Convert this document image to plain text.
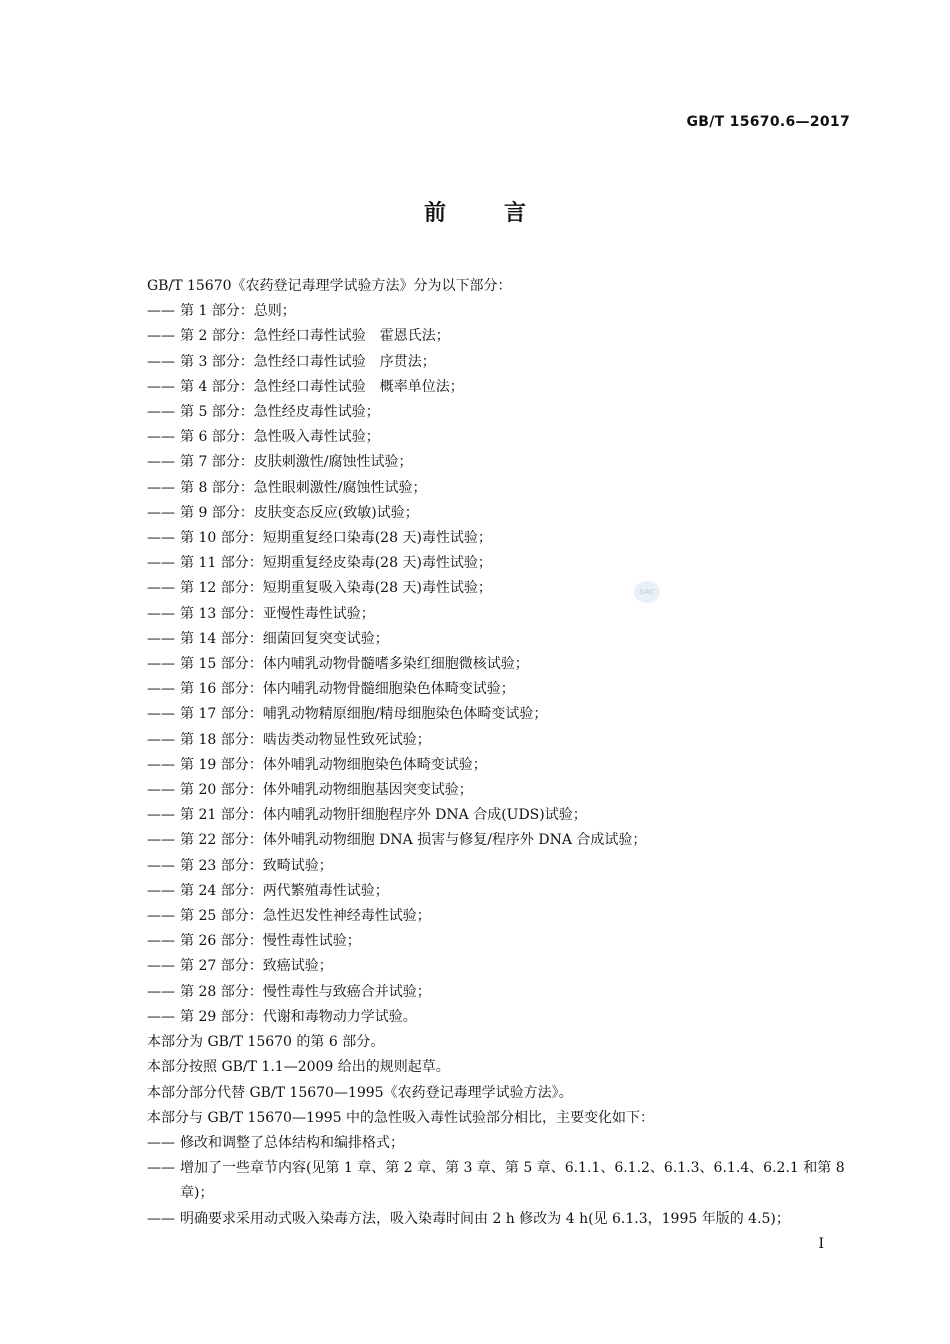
GB/T 15670.6—2017
前言
SAC
GB/T 15670《农药登记毒理学试验方法》分为以下部分：
—— 第 1 部分：总则；
—— 第 2 部分：急性经口毒性试验　霍恩氏法；
—— 第 3 部分：急性经口毒性试验　序贯法；
—— 第 4 部分：急性经口毒性试验　概率单位法；
—— 第 5 部分：急性经皮毒性试验；
—— 第 6 部分：急性吸入毒性试验；
—— 第 7 部分：皮肤刺激性/腐蚀性试验；
—— 第 8 部分：急性眼刺激性/腐蚀性试验；
—— 第 9 部分：皮肤变态反应(致敏)试验；
—— 第 10 部分：短期重复经口染毒(28 天)毒性试验；
—— 第 11 部分：短期重复经皮染毒(28 天)毒性试验；
—— 第 12 部分：短期重复吸入染毒(28 天)毒性试验；
—— 第 13 部分：亚慢性毒性试验；
—— 第 14 部分：细菌回复突变试验；
—— 第 15 部分：体内哺乳动物骨髓嗜多染红细胞微核试验；
—— 第 16 部分：体内哺乳动物骨髓细胞染色体畸变试验；
—— 第 17 部分：哺乳动物精原细胞/精母细胞染色体畸变试验；
—— 第 18 部分：啮齿类动物显性致死试验；
—— 第 19 部分：体外哺乳动物细胞染色体畸变试验；
—— 第 20 部分：体外哺乳动物细胞基因突变试验；
—— 第 21 部分：体内哺乳动物肝细胞程序外 DNA 合成(UDS)试验；
—— 第 22 部分：体外哺乳动物细胞 DNA 损害与修复/程序外 DNA 合成试验；
—— 第 23 部分：致畸试验；
—— 第 24 部分：两代繁殖毒性试验；
—— 第 25 部分：急性迟发性神经毒性试验；
—— 第 26 部分：慢性毒性试验；
—— 第 27 部分：致癌试验；
—— 第 28 部分：慢性毒性与致癌合并试验；
—— 第 29 部分：代谢和毒物动力学试验。
本部分为 GB/T 15670 的第 6 部分。
本部分按照 GB/T 1.1—2009 给出的规则起草。
本部分部分代替 GB/T 15670—1995《农药登记毒理学试验方法》。
本部分与 GB/T 15670—1995 中的急性吸入毒性试验部分相比，主要变化如下：
—— 修改和调整了总体结构和编排格式；
—— 增加了一些章节内容(见第 1 章、第 2 章、第 3 章、第 5 章、6.1.1、6.1.2、6.1.3、6.1.4、6.2.1 和第 8 章)；
—— 明确要求采用动式吸入染毒方法，吸入染毒时间由 2 h 修改为 4 h(见 6.1.3，1995 年版的 4.5)；
I
